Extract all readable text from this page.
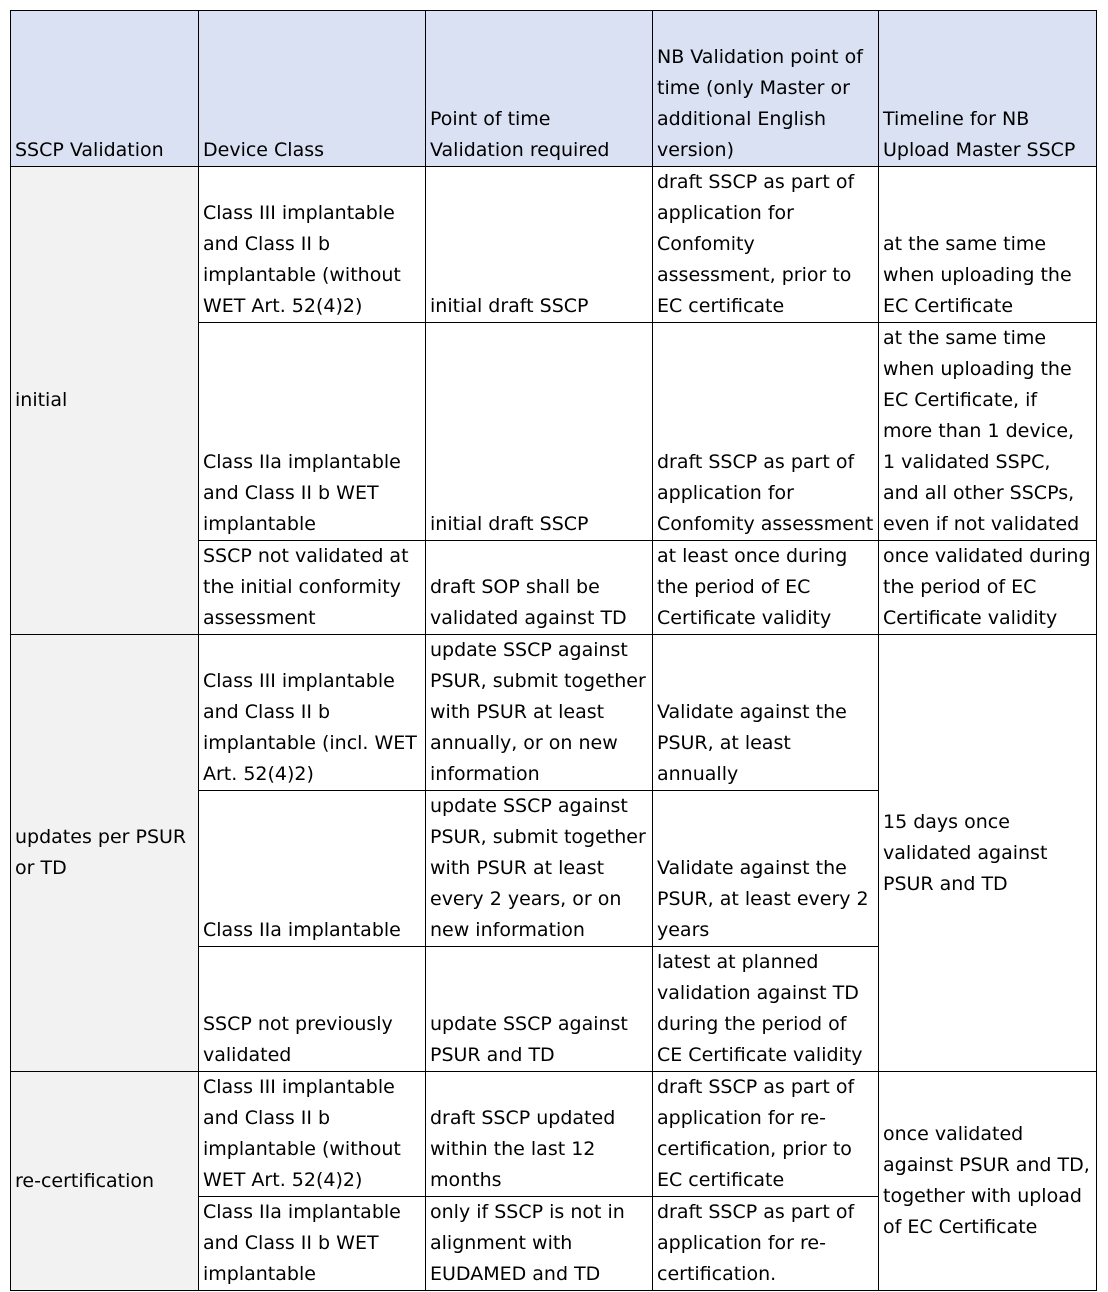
SSCP Validation	Device Class	Point of time Validation required	NB Validation point of time (only Master or additional English version)	Timeline for NB Upload Master SSCP
initial	Class III implantable and Class II b implantable (without WET Art. 52(4)2)	initial draft SSCP	draft SSCP as part of application for Confomity assessment, prior to EC certificate	at the same time when uploading the EC Certificate
	Class IIa implantable and Class II b WET implantable	initial draft SSCP	draft SSCP as part of application for Confomity assessment	at the same time when uploading the EC Certificate, if more than 1 device, 1 validated SSPC, and all other SSCPs, even if not validated
	SSCP not validated at the initial conformity assessment	draft SOP shall be validated against TD	at least once during the period of EC Certificate validity	once validated during the period of EC Certificate validity
updates per PSUR or TD	Class III implantable and Class II b implantable (incl. WET Art. 52(4)2)	update SSCP against PSUR, submit together with PSUR at least annually, or on new information	Validate against the PSUR, at least annually	15 days once validated against PSUR and TD
	Class IIa implantable	update SSCP against PSUR, submit together with PSUR at least every 2 years, or on new information	Validate against the PSUR, at least every 2 years	
	SSCP not previously validated	update SSCP against PSUR and TD	latest at planned validation against TD during the period of CE Certificate validity	
re-certification	Class III implantable and Class II b implantable (without WET Art. 52(4)2)	draft SSCP updated within the last 12 months	draft SSCP as part of application for re-certification, prior to EC certificate	once validated against PSUR and TD, together with upload of EC Certificate
	Class IIa implantable and Class II b WET implantable	only if SSCP is not in alignment with EUDAMED and TD	draft SSCP as part of application for re-certification.	
